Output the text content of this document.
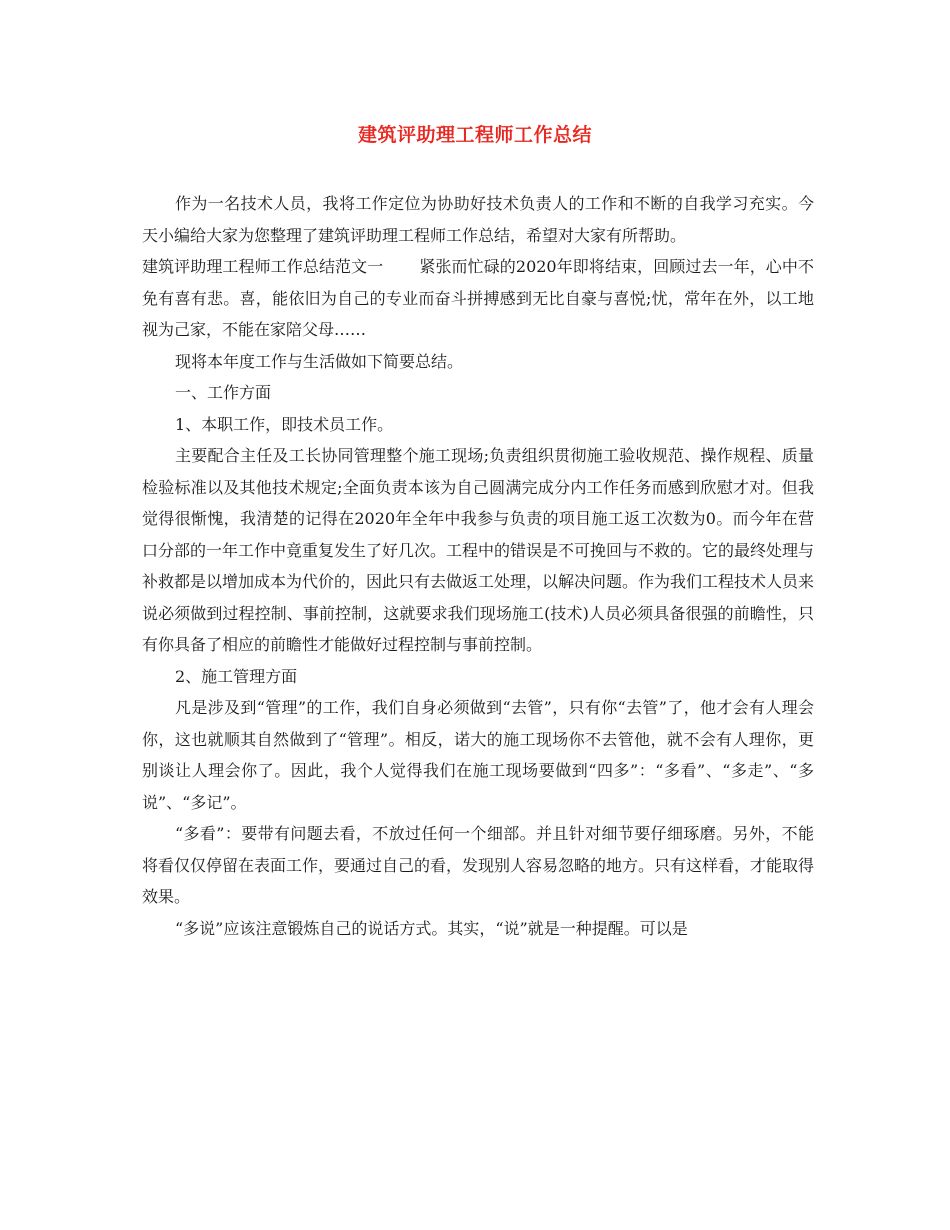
建筑评助理工程师工作总结

作为一名技术人员，我将工作定位为协助好技术负责人的工作和不断的自我学习充实。今天小编给大家为您整理了建筑评助理工程师工作总结，希望对大家有所帮助。

建筑评助理工程师工作总结范文一 紧张而忙碌的2020年即将结束，回顾过去一年，心中不免有喜有悲。喜，能依旧为自己的专业而奋斗拼搏感到无比自豪与喜悦;忧，常年在外，以工地视为己家，不能在家陪父母……

现将本年度工作与生活做如下简要总结。

一、工作方面

1、本职工作，即技术员工作。

主要配合主任及工长协同管理整个施工现场;负责组织贯彻施工验收规范、操作规程、质量检验标准以及其他技术规定;全面负责本该为自己圆满完成分内工作任务而感到欣慰才对。但我觉得很惭愧，我清楚的记得在2020年全年中我参与负责的项目施工返工次数为0。而今年在营口分部的一年工作中竟重复发生了好几次。工程中的错误是不可挽回与不救的。它的最终处理与补救都是以增加成本为代价的，因此只有去做返工处理，以解决问题。作为我们工程技术人员来说必须做到过程控制、事前控制，这就要求我们现场施工(技术)人员必须具备很强的前瞻性，只有你具备了相应的前瞻性才能做好过程控制与事前控制。

2、施工管理方面

凡是涉及到“管理”的工作，我们自身必须做到“去管”，只有你“去管”了，他才会有人理会你，这也就顺其自然做到了“管理”。相反，诺大的施工现场你不去管他，就不会有人理你，更别谈让人理会你了。因此，我个人觉得我们在施工现场要做到“四多”：“多看”、“多走”、“多说”、“多记”。

“多看”：要带有问题去看，不放过任何一个细部。并且针对细节要仔细琢磨。另外，不能将看仅仅停留在表面工作，要通过自己的看，发现别人容易忽略的地方。只有这样看，才能取得效果。

“多说”应该注意锻炼自己的说话方式。其实，“说”就是一种提醒。可以是
